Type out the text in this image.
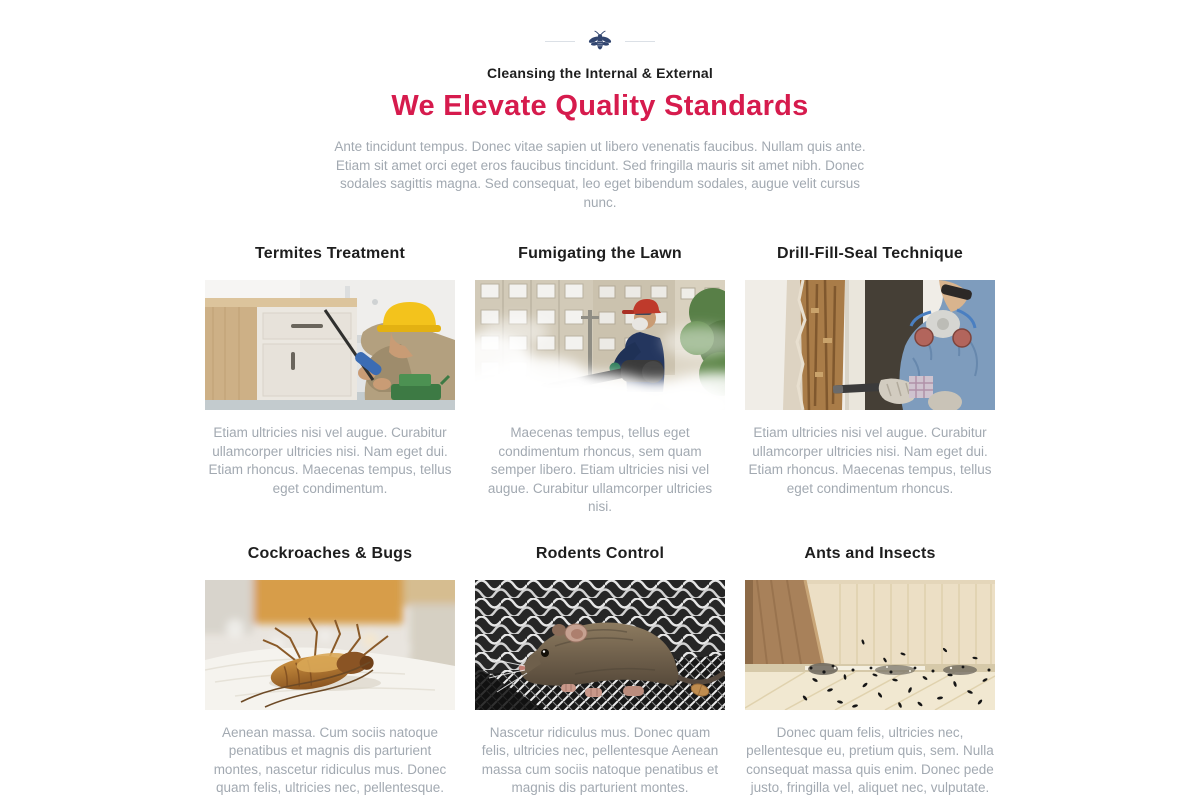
Cleansing the Internal & External
We Elevate Quality Standards

Ante tincidunt tempus. Donec vitae sapien ut libero venenatis faucibus. Nullam quis ante. Etiam sit amet orci eget eros faucibus tincidunt. Sed fringilla mauris sit amet nibh. Donec sodales sagittis magna. Sed consequat, leo eget bibendum sodales, augue velit cursus nunc.

Termites Treatment
Etiam ultricies nisi vel augue. Curabitur ullamcorper ultricies nisi. Nam eget dui. Etiam rhoncus. Maecenas tempus, tellus eget condimentum.
Fumigating the Lawn
Maecenas tempus, tellus eget condimentum rhoncus, sem quam semper libero. Etiam ultricies nisi vel augue. Curabitur ullamcorper ultricies nisi.
Drill-Fill-Seal Technique
Etiam ultricies nisi vel augue. Curabitur ullamcorper ultricies nisi. Nam eget dui. Etiam rhoncus. Maecenas tempus, tellus eget condimentum rhoncus.
Cockroaches & Bugs
Aenean massa. Cum sociis natoque penatibus et magnis dis parturient montes, nascetur ridiculus mus. Donec quam felis, ultricies nec, pellentesque.
Rodents Control
Nascetur ridiculus mus. Donec quam felis, ultricies nec, pellentesque Aenean massa cum sociis natoque penatibus et magnis dis parturient montes.
Ants and Insects
Donec quam felis, ultricies nec, pellentesque eu, pretium quis, sem. Nulla consequat massa quis enim. Donec pede justo, fringilla vel, aliquet nec, vulputate.
